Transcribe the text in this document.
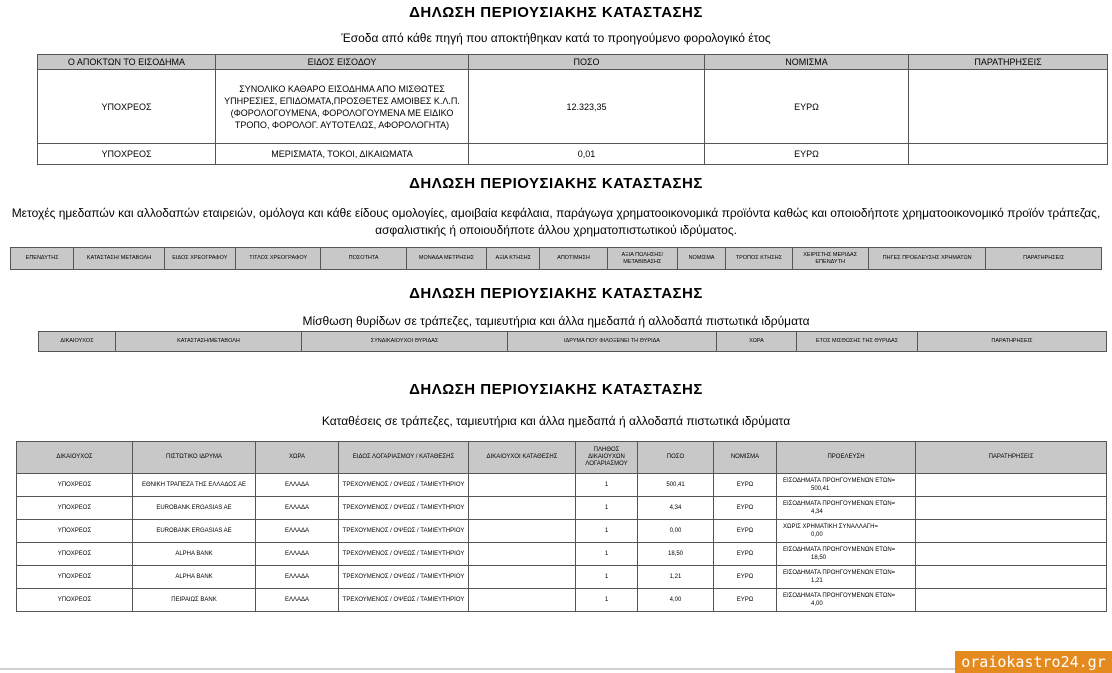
ΔΗΛΩΣΗ ΠΕΡΙΟΥΣΙΑΚΗΣ ΚΑΤΑΣΤΑΣΗΣ

Έσοδα από κάθε πηγή που αποκτήθηκαν κατά το προηγούμενο φορολογικό έτος

Ο ΑΠΟΚΤΩΝ ΤΟ ΕΙΣΟΔΗΜΑ	ΕΙΔΟΣ ΕΙΣΟΔΟΥ	ΠΟΣΟ	ΝΟΜΙΣΜΑ	ΠΑΡΑΤΗΡΗΣΕΙΣ
ΥΠΟΧΡΕΟΣ	ΣΥΝΟΛΙΚΟ ΚΑΘΑΡΟ ΕΙΣΟΔΗΜΑ ΑΠΟ ΜΙΣΘΩΤΕΣ ΥΠΗΡΕΣΙΕΣ, ΕΠΙΔΟΜΑΤΑ,ΠΡΟΣΘΕΤΕΣ ΑΜΟΙΒΕΣ Κ.Λ.Π.(ΦΟΡΟΛΟΓΟΥΜΕΝΑ, ΦΟΡΟΛΟΓΟΥΜΕΝΑ ΜΕ ΕΙΔΙΚΟ ΤΡΟΠΟ, ΦΟΡΟΛΟΓ. ΑΥΤΟΤΕΛΩΣ, ΑΦΟΡΟΛΟΓΗΤΑ)	12.323,35	ΕΥΡΩ	
ΥΠΟΧΡΕΟΣ	ΜΕΡΙΣΜΑΤΑ, ΤΟΚΟΙ, ΔΙΚΑΙΩΜΑΤΑ	0,01	ΕΥΡΩ	
ΔΗΛΩΣΗ ΠΕΡΙΟΥΣΙΑΚΗΣ ΚΑΤΑΣΤΑΣΗΣ

Μετοχές ημεδαπών και αλλοδαπών εταιρειών, ομόλογα και κάθε είδους ομολογίες, αμοιβαία κεφάλαια, παράγωγα χρηματοοικονομικά προϊόντα καθώς και οποιοδήποτε χρηματοοικονομικό προϊόν τράπεζας, ασφαλιστικής ή οποιουδήποτε άλλου χρηματοπιστωτικού ιδρύματος.

ΕΠΕΝΔΥΤΗΣ	ΚΑΤΑΣΤΑΣΗ/ ΜΕΤΑΒΟΛΗ	ΕΙΔΟΣ ΧΡΕΟΓΡΑΦΟΥ	ΤΙΤΛΟΣ ΧΡΕΟΓΡΑΦΟΥ	ΠΟΣΟΤΗΤΑ	ΜΟΝΑΔΑ ΜΕΤΡΗΣΗΣ	ΑΞΙΑ ΚΤΗΣΗΣ	ΑΠΟΤΙΜΗΣΗ	ΑΞΙΑ ΠΩΛΗΣΗΣ/ ΜΕΤΑΒΙΒΑΣΗΣ	ΝΟΜΙΣΜΑ	ΤΡΟΠΟΣ ΚΤΗΣΗΣ	ΧΕΙΡΙΣΤΗΣ ΜΕΡΙΔΑΣ ΕΠΕΝΔΥΤΗ	ΠΗΓΕΣ ΠΡΟΕΛΕΥΣΗΣ ΧΡΗΜΑΤΩΝ	ΠΑΡΑΤΗΡΗΣΕΙΣ
ΔΗΛΩΣΗ ΠΕΡΙΟΥΣΙΑΚΗΣ ΚΑΤΑΣΤΑΣΗΣ

Μίσθωση θυρίδων σε τράπεζες, ταμιευτήρια και άλλα ημεδαπά ή αλλοδαπά πιστωτικά ιδρύματα

ΔΙΚΑΙΟΥΧΟΣ	ΚΑΤΑΣΤΑΣΗ/ΜΕΤΑΒΟΛΗ	ΣΥΝΔΙΚΑΙΟΥΧΟΙ ΘΥΡΙΔΑΣ	ΙΔΡΥΜΑ ΠΟΥ ΦΙΛΟΞΕΝΕΙ ΤΗ ΘΥΡΙΔΑ	ΧΩΡΑ	ΕΤΟΣ ΜΙΣΘΩΣΗΣ ΤΗΣ ΘΥΡΙΔΑΣ	ΠΑΡΑΤΗΡΗΣΕΙΣ
ΔΗΛΩΣΗ ΠΕΡΙΟΥΣΙΑΚΗΣ ΚΑΤΑΣΤΑΣΗΣ

Καταθέσεις σε τράπεζες, ταμιευτήρια και άλλα ημεδαπά ή αλλοδαπά πιστωτικά ιδρύματα

ΔΙΚΑΙΟΥΧΟΣ	ΠΙΣΤΩΤΙΚΟ ΙΔΡΥΜΑ	ΧΩΡΑ	ΕΙΔΟΣ ΛΟΓΑΡΙΑΣΜΟΥ / ΚΑΤΑΘΕΣΗΣ	ΔΙΚΑΙΟΥΧΟΙ ΚΑΤΑΘΕΣΗΣ	ΠΛΗΘΟΣ ΔΙΚΑΙΟΥΧΩΝ ΛΟΓΑΡΙΑΣΜΟΥ	ΠΟΣΟ	ΝΟΜΙΣΜΑ	ΠΡΟΕΛΕΥΣΗ	ΠΑΡΑΤΗΡΗΣΕΙΣ
ΥΠΟΧΡΕΟΣ	ΕΘΝΙΚΗ ΤΡΑΠΕΖΑ ΤΗΣ ΕΛΛΑΔΟΣ ΑΕ	ΕΛΛΑΔΑ	ΤΡΕΧΟΥΜΕΝΟΣ / ΟΨΕΩΣ / ΤΑΜΙΕΥΤΗΡΙΟΥ		1	500,41	ΕΥΡΩ	ΕΙΣΟΔΗΜΑΤΑ ΠΡΟΗΓΟΥΜΕΝΩΝ ΕΤΩΝ=
500,41	

ΥΠΟΧΡΕΟΣ	EUROBANK ERGASIAS AE	ΕΛΛΑΔΑ	ΤΡΕΧΟΥΜΕΝΟΣ / ΟΨΕΩΣ / ΤΑΜΙΕΥΤΗΡΙΟΥ		1	4,34	ΕΥΡΩ	ΕΙΣΟΔΗΜΑΤΑ ΠΡΟΗΓΟΥΜΕΝΩΝ ΕΤΩΝ=
4,34	

ΥΠΟΧΡΕΟΣ	EUROBANK ERGASIAS AE	ΕΛΛΑΔΑ	ΤΡΕΧΟΥΜΕΝΟΣ / ΟΨΕΩΣ / ΤΑΜΙΕΥΤΗΡΙΟΥ		1	0,00	ΕΥΡΩ	ΧΩΡΙΣ ΧΡΗΜΑΤΙΚΗ ΣΥΝΑΛΛΑΓΗ=
0,00	

ΥΠΟΧΡΕΟΣ	ALPHA BANK	ΕΛΛΑΔΑ	ΤΡΕΧΟΥΜΕΝΟΣ / ΟΨΕΩΣ / ΤΑΜΙΕΥΤΗΡΙΟΥ		1	18,50	ΕΥΡΩ	ΕΙΣΟΔΗΜΑΤΑ ΠΡΟΗΓΟΥΜΕΝΩΝ ΕΤΩΝ=
18,50	

ΥΠΟΧΡΕΟΣ	ALPHA BANK	ΕΛΛΑΔΑ	ΤΡΕΧΟΥΜΕΝΟΣ / ΟΨΕΩΣ / ΤΑΜΙΕΥΤΗΡΙΟΥ		1	1,21	ΕΥΡΩ	ΕΙΣΟΔΗΜΑΤΑ ΠΡΟΗΓΟΥΜΕΝΩΝ ΕΤΩΝ=
1,21	

ΥΠΟΧΡΕΟΣ	ΠΕΙΡΑΙΩΣ BANK	ΕΛΛΑΔΑ	ΤΡΕΧΟΥΜΕΝΟΣ / ΟΨΕΩΣ / ΤΑΜΙΕΥΤΗΡΙΟΥ		1	4,00	ΕΥΡΩ	ΕΙΣΟΔΗΜΑΤΑ ΠΡΟΗΓΟΥΜΕΝΩΝ ΕΤΩΝ=
4,00	

oraiokastro24.gr
